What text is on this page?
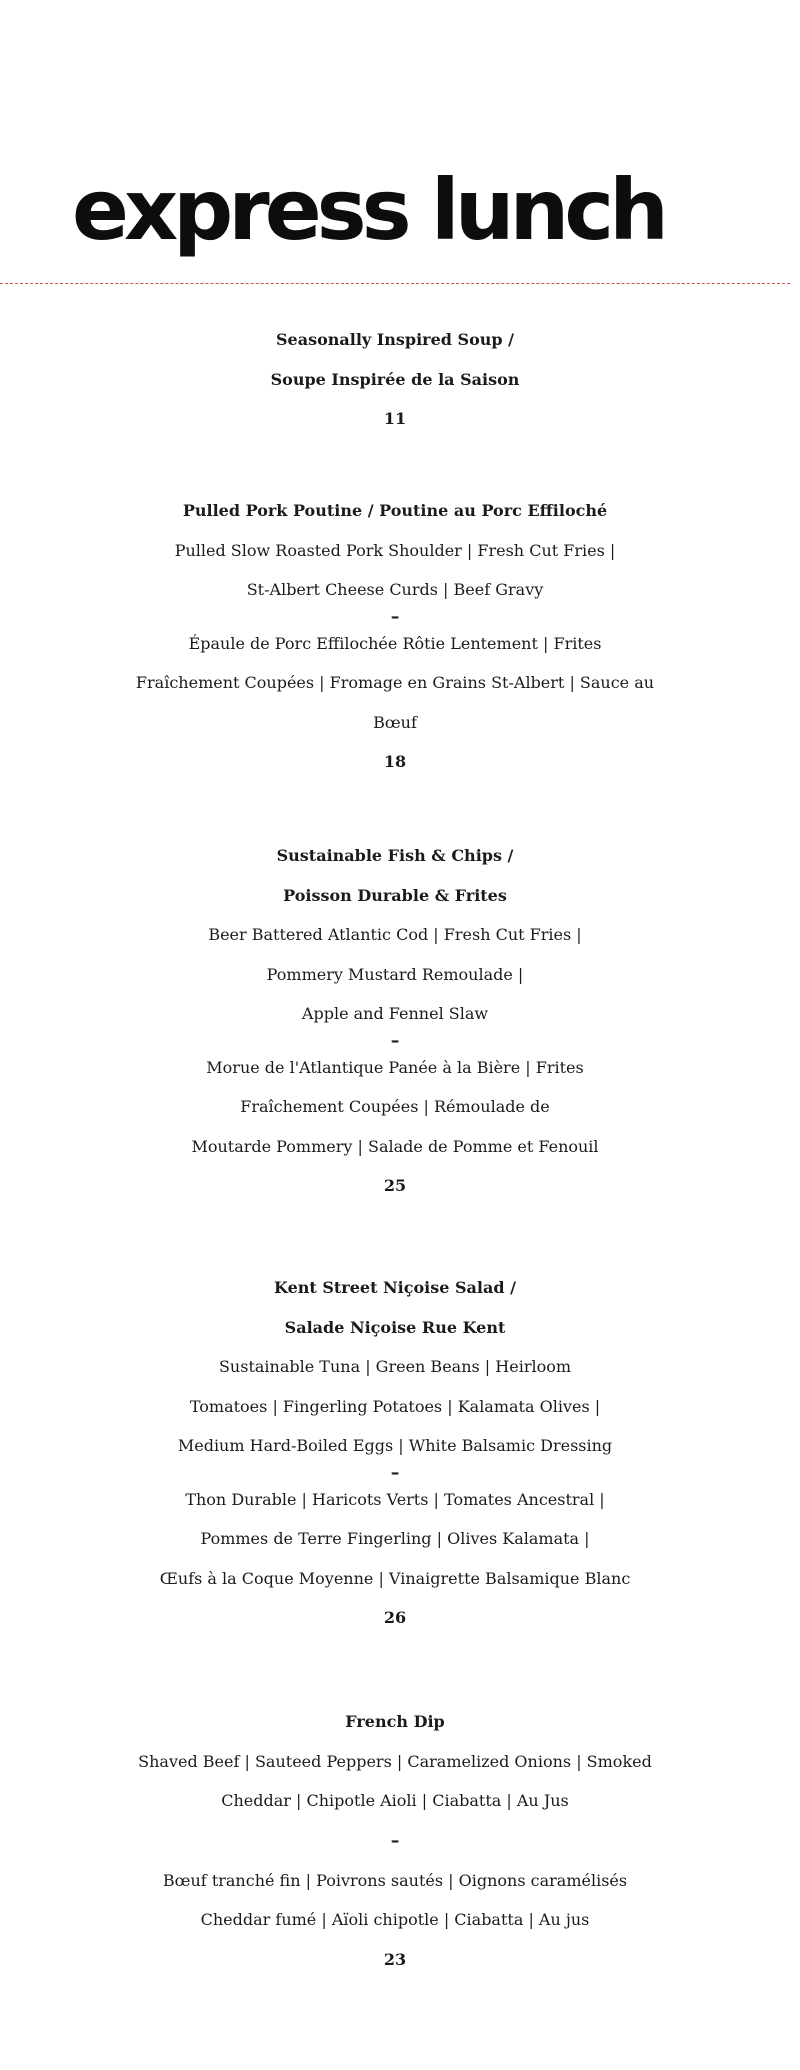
express lunch
Seasonally Inspired Soup /
Soupe Inspirée de la Saison
11
Pulled Pork Poutine / Poutine au Porc Effiloché
Pulled Slow Roasted Pork Shoulder | Fresh Cut Fries |
St-Albert Cheese Curds | Beef Gravy
-
Épaule de Porc Effilochée Rôtie Lentement | Frites
Fraîchement Coupées | Fromage en Grains St-Albert | Sauce au
Bœuf
18
Sustainable Fish & Chips /
Poisson Durable & Frites
Beer Battered Atlantic Cod | Fresh Cut Fries |
Pommery Mustard Remoulade |
Apple and Fennel Slaw
-
Morue de l'Atlantique Panée à la Bière | Frites
Fraîchement Coupées | Rémoulade de
Moutarde Pommery | Salade de Pomme et Fenouil
25
Kent Street Niçoise Salad /
Salade Niçoise Rue Kent
Sustainable Tuna | Green Beans | Heirloom
Tomatoes | Fingerling Potatoes | Kalamata Olives |
Medium Hard-Boiled Eggs | White Balsamic Dressing
-
Thon Durable | Haricots Verts | Tomates Ancestral |
Pommes de Terre Fingerling | Olives Kalamata |
Œufs à la Coque Moyenne | Vinaigrette Balsamique Blanc
26
French Dip
Shaved Beef | Sauteed Peppers | Caramelized Onions | Smoked
Cheddar | Chipotle Aioli | Ciabatta | Au Jus
-
Bœuf tranché fin | Poivrons sautés | Oignons caramélisés
Cheddar fumé | Aïoli chipotle | Ciabatta | Au jus
23
